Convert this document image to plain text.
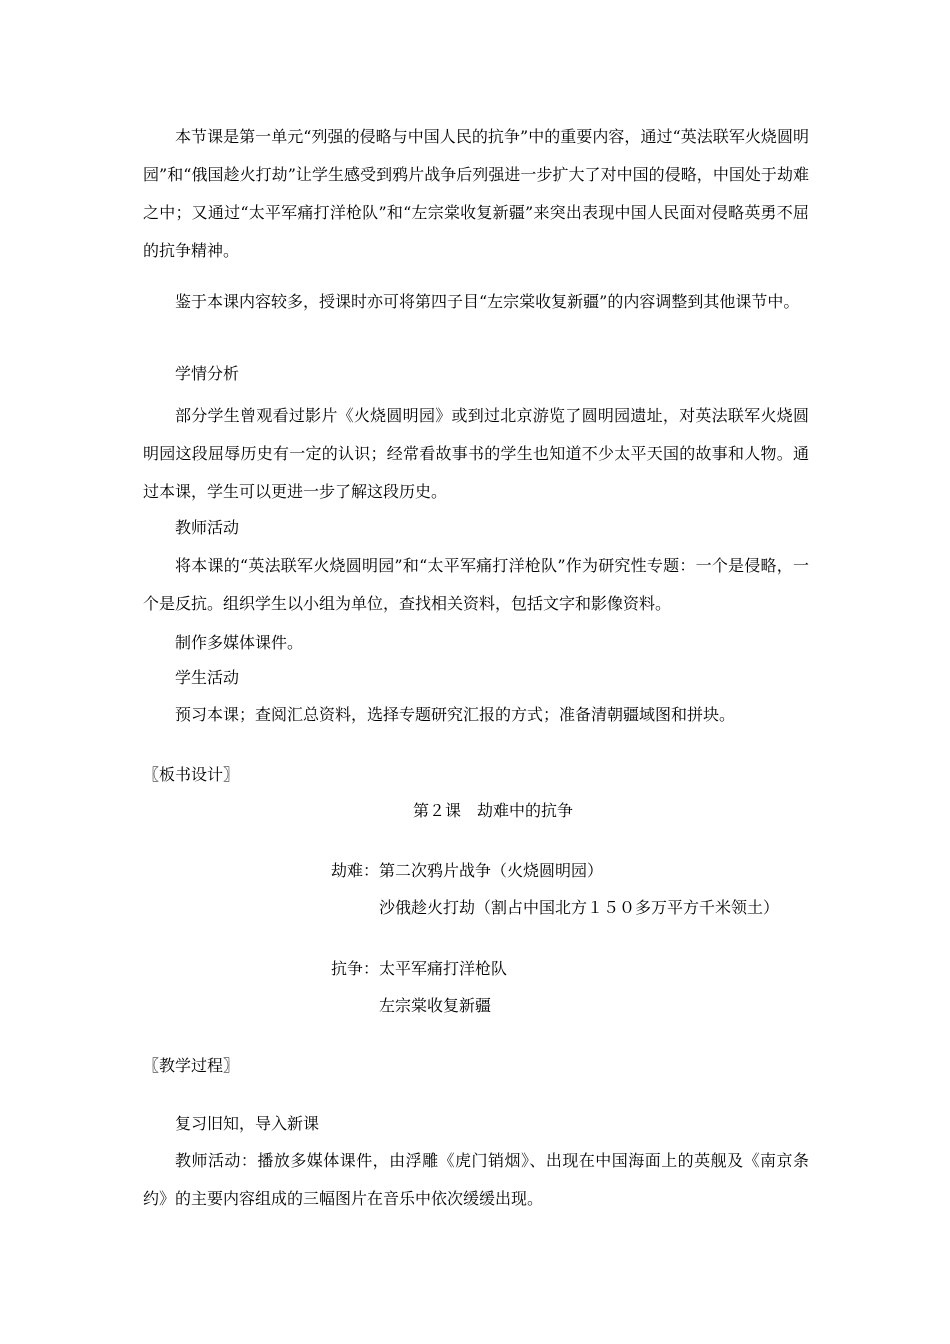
本节课是第一单元“列强的侵略与中国人民的抗争”中的重要内容，通过“英法联军火烧圆明园”和“俄国趁火打劫”让学生感受到鸦片战争后列强进一步扩大了对中国的侵略，中国处于劫难之中；又通过“太平军痛打洋枪队”和“左宗棠收复新疆”来突出表现中国人民面对侵略英勇不屈的抗争精神。

鉴于本课内容较多，授课时亦可将第四子目“左宗棠收复新疆”的内容调整到其他课节中。

学情分析

部分学生曾观看过影片《火烧圆明园》或到过北京游览了圆明园遗址，对英法联军火烧圆明园这段屈辱历史有一定的认识；经常看故事书的学生也知道不少太平天国的故事和人物。通过本课，学生可以更进一步了解这段历史。

教师活动

将本课的“英法联军火烧圆明园”和“太平军痛打洋枪队”作为研究性专题：一个是侵略，一个是反抗。组织学生以小组为单位，查找相关资料，包括文字和影像资料。

制作多媒体课件。

学生活动

预习本课；查阅汇总资料，选择专题研究汇报的方式；准备清朝疆域图和拼块。

〖板书设计〗

第２课　劫难中的抗争

劫难： 第二次鸦片战争（火烧圆明园）

沙俄趁火打劫（割占中国北方１５０多万平方千米领土）

抗争： 太平军痛打洋枪队

左宗棠收复新疆

〖教学过程〗

复习旧知，导入新课

教师活动：播放多媒体课件，由浮雕《虎门销烟》、出现在中国海面上的英舰及《南京条约》的主要内容组成的三幅图片在音乐中依次缓缓出现。
